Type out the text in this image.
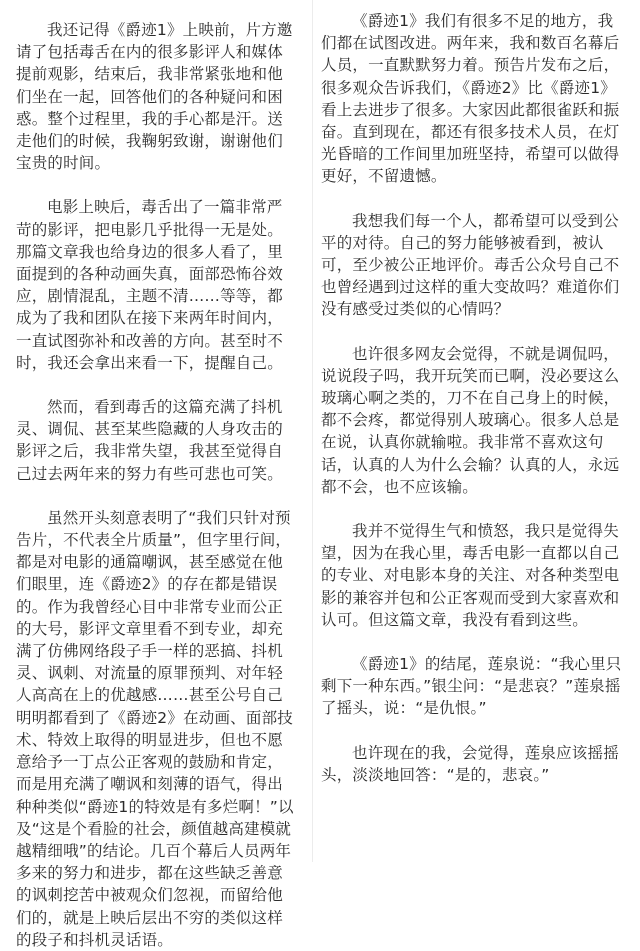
我还记得《爵迹1》上映前，片方邀请了包括毒舌在内的很多影评人和媒体提前观影，结束后，我非常紧张地和他们坐在一起，回答他们的各种疑问和困惑。整个过程里，我的手心都是汗。送走他们的时候，我鞠躬致谢，谢谢他们宝贵的时间。

电影上映后，毒舌出了一篇非常严苛的影评，把电影几乎批得一无是处。那篇文章我也给身边的很多人看了，里面提到的各种动画失真，面部恐怖谷效应，剧情混乱，主题不清……等等，都成为了我和团队在接下来两年时间内，一直试图弥补和改善的方向。甚至时不时，我还会拿出来看一下，提醒自己。

然而，看到毒舌的这篇充满了抖机灵、调侃、甚至某些隐藏的人身攻击的影评之后，我非常失望，我甚至觉得自己过去两年来的努力有些可悲也可笑。

虽然开头刻意表明了“我们只针对预告片，不代表全片质量”，但字里行间，都是对电影的通篇嘲讽，甚至感觉在他们眼里，连《爵迹2》的存在都是错误的。作为我曾经心目中非常专业而公正的大号，影评文章里看不到专业，却充满了仿佛网络段子手一样的恶搞、抖机灵、讽刺、对流量的原罪预判、对年轻人高高在上的优越感……甚至公号自己明明都看到了《爵迹2》在动画、面部技术、特效上取得的明显进步，但也不愿意给予一丁点公正客观的鼓励和肯定，而是用充满了嘲讽和刻薄的语气，得出种种类似“爵迹1的特效是有多烂啊！”以及“这是个看脸的社会，颜值越高建模就越精细哦”的结论。几百个幕后人员两年多来的努力和进步，都在这些缺乏善意的讽刺挖苦中被观众们忽视，而留给他们的，就是上映后层出不穷的类似这样的段子和抖机灵话语。

《爵迹1》我们有很多不足的地方，我们都在试图改进。两年来，我和数百名幕后人员，一直默默努力着。预告片发布之后，很多观众告诉我们，《爵迹2》比《爵迹1》看上去进步了很多。大家因此都很雀跃和振奋。直到现在，都还有很多技术人员，在灯光昏暗的工作间里加班坚持，希望可以做得更好，不留遗憾。

我想我们每一个人，都希望可以受到公平的对待。自己的努力能够被看到，被认可，至少被公正地评价。毒舌公众号自己不也曾经遇到过这样的重大变故吗？难道你们没有感受过类似的心情吗？

也许很多网友会觉得，不就是调侃吗，说说段子吗，我开玩笑而已啊，没必要这么玻璃心啊之类的，刀不在自己身上的时候，都不会疼，都觉得别人玻璃心。很多人总是在说，认真你就输啦。我非常不喜欢这句话，认真的人为什么会输？认真的人，永远都不会，也不应该输。

我并不觉得生气和愤怒，我只是觉得失望，因为在我心里，毒舌电影一直都以自己的专业、对电影本身的关注、对各种类型电影的兼容并包和公正客观而受到大家喜欢和认可。但这篇文章，我没有看到这些。

《爵迹1》的结尾，莲泉说：“我心里只剩下一种东西。”银尘问：“是悲哀？”莲泉摇了摇头，说：“是仇恨。”

也许现在的我，会觉得，莲泉应该摇摇头，淡淡地回答：“是的，悲哀。”
